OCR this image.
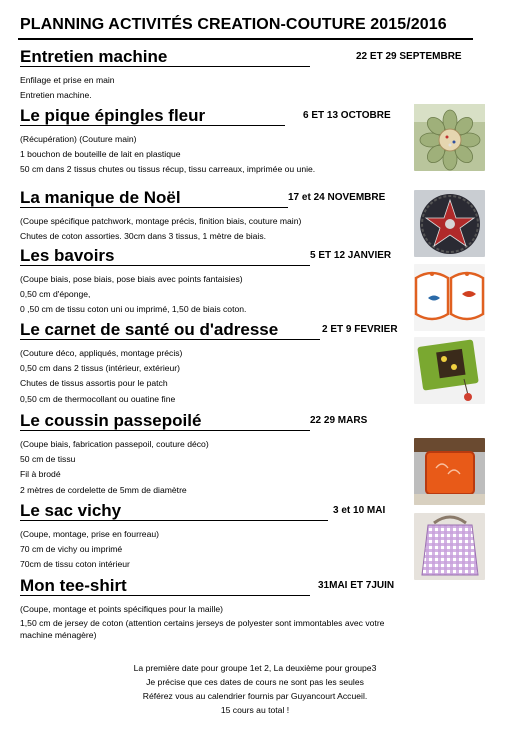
PLANNING ACTIVITÉS CREATION-COUTURE 2015/2016
Entretien machine	22 ET 29 SEPTEMBRE
Enfilage et prise en main
Entretien machine.
Le pique épingles fleur	6 ET 13 OCTOBRE
(Récupération) (Couture main)
1 bouchon de bouteille de lait en plastique
50 cm dans 2 tissus chutes ou tissus récup, tissu carreaux, imprimée ou unie.
La manique de Noël	17 et 24 NOVEMBRE
(Coupe spécifique patchwork, montage précis, finition biais, couture main)
Chutes de coton assorties. 30cm dans 3 tissus, 1 mètre de biais.
Les bavoirs	5 ET 12 JANVIER
(Coupe biais, pose biais, pose biais avec points fantaisies)
0,50 cm d'éponge,
0 ,50 cm de tissu coton uni ou imprimé, 1,50 de biais coton.
Le carnet de santé ou d'adresse	2 ET 9 FEVRIER
(Couture déco, appliqués, montage précis)
0,50 cm dans 2 tissus (intérieur, extérieur)
Chutes de tissus assortis pour le patch
0,50 cm de thermocollant ou ouatine fine
Le coussin passepoilé	22 29 MARS
(Coupe biais, fabrication passepoil, couture déco)
50 cm de tissu
Fil à brodé
2 mètres de cordelette de 5mm de diamètre
Le sac vichy	3 et 10 MAI
(Coupe, montage, prise en fourreau)
70 cm de vichy ou imprimé
70cm de tissu coton intérieur
Mon tee-shirt	31MAI ET 7JUIN
(Coupe, montage et points spécifiques pour la maille)
1,50 cm de jersey de coton (attention certains jerseys de polyester sont immontables avec votre machine ménagère)
La première date pour groupe 1et 2, La deuxième pour groupe3
Je précise que ces dates de cours ne sont pas les seules
Référez vous au calendrier fournis par Guyancourt Accueil.
15 cours au total !
